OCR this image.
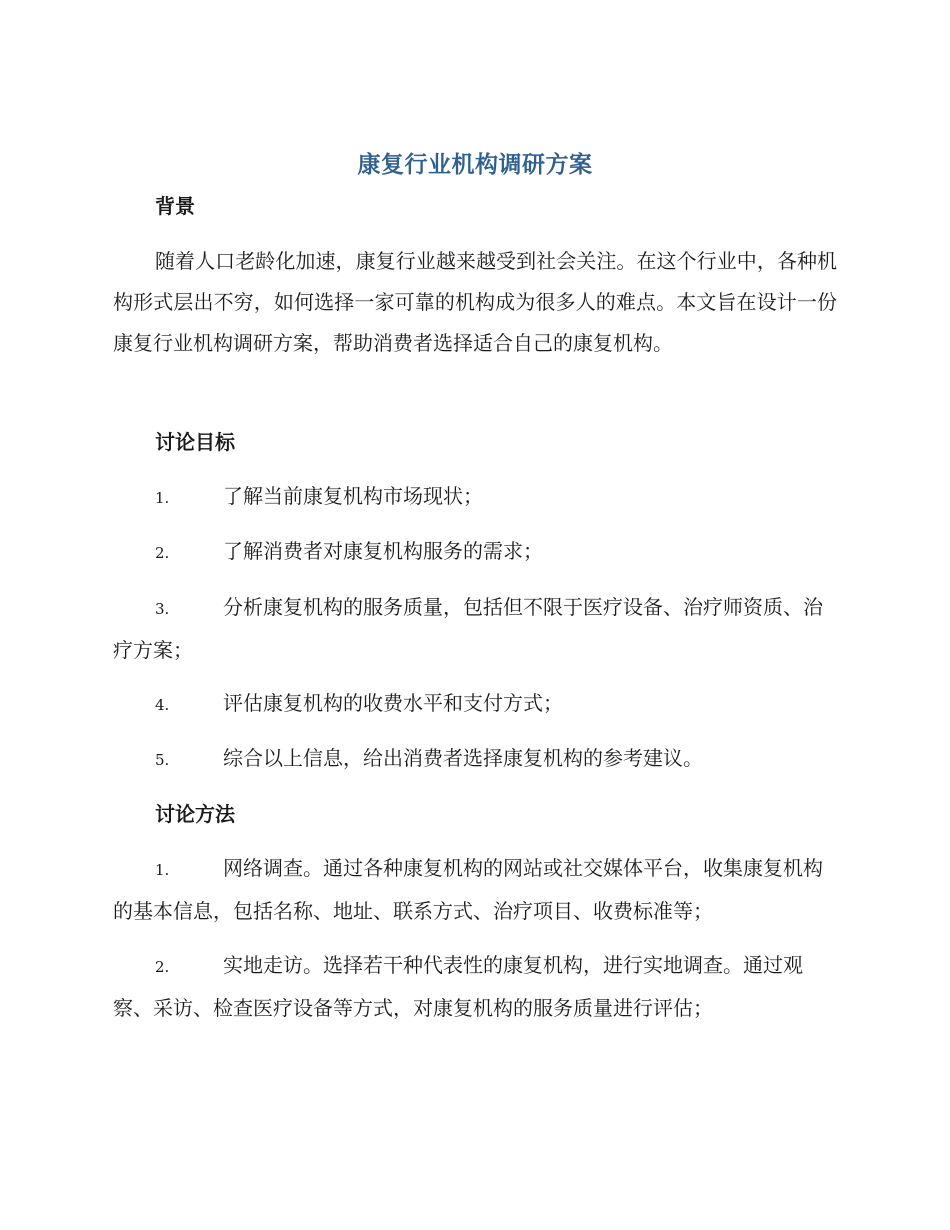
康复行业机构调研方案
背景
随着人口老龄化加速，康复行业越来越受到社会关注。在这个行业中，各种机构形式层出不穷，如何选择一家可靠的机构成为很多人的难点。本文旨在设计一份康复行业机构调研方案，帮助消费者选择适合自己的康复机构。
讨论目标
1.	了解当前康复机构市场现状；
2.	了解消费者对康复机构服务的需求；
3.	分析康复机构的服务质量，包括但不限于医疗设备、治疗师资质、治疗方案；
4.	评估康复机构的收费水平和支付方式；
5.	综合以上信息，给出消费者选择康复机构的参考建议。
讨论方法
1.	网络调查。通过各种康复机构的网站或社交媒体平台，收集康复机构的基本信息，包括名称、地址、联系方式、治疗项目、收费标准等；
2.	实地走访。选择若干种代表性的康复机构，进行实地调查。通过观察、采访、检查医疗设备等方式，对康复机构的服务质量进行评估；
